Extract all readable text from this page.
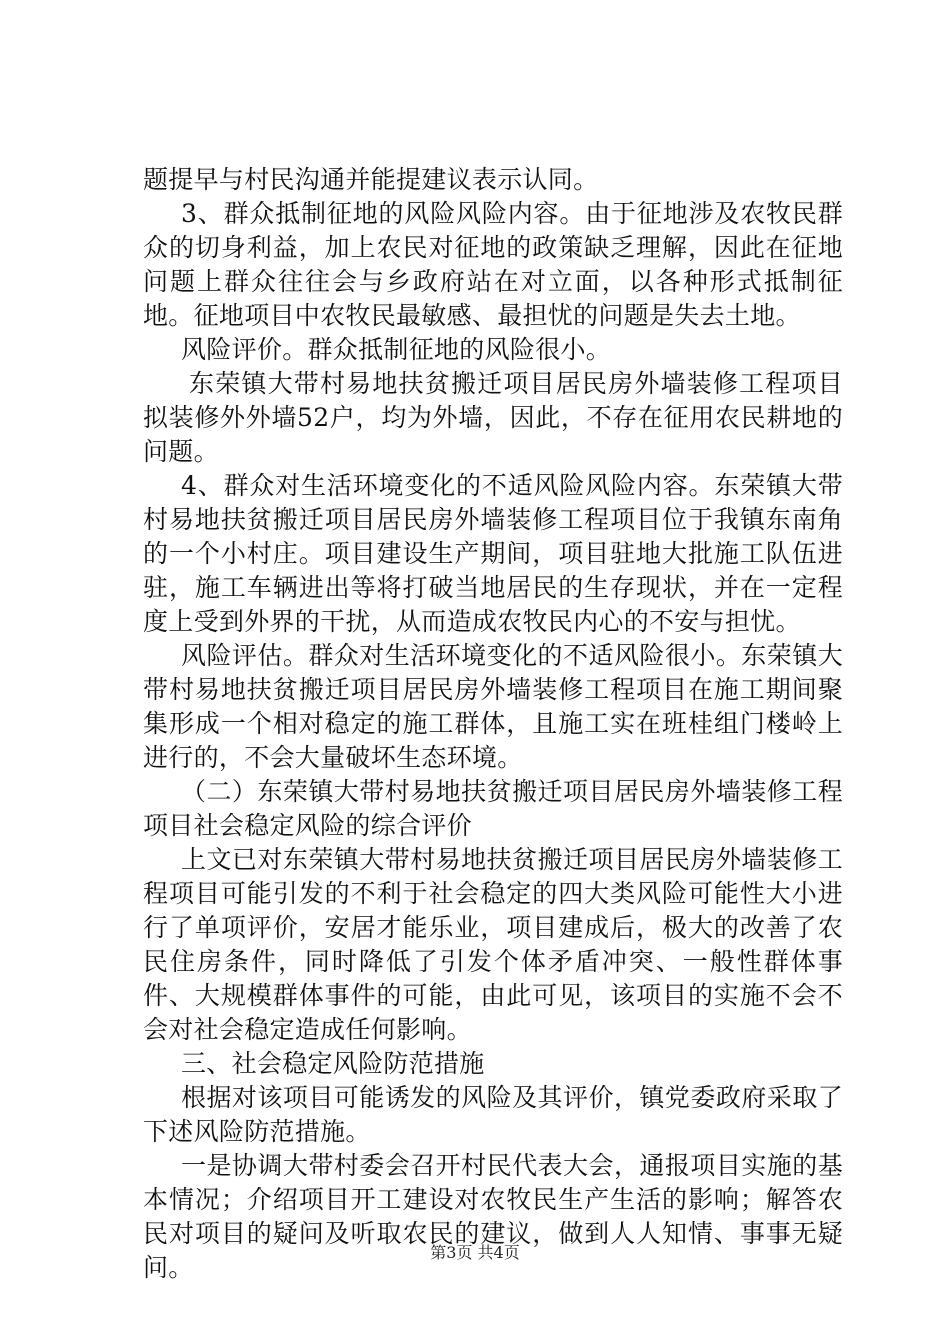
题提早与村民沟通并能提建议表示认同。

3、群众抵制征地的风险风险内容。由于征地涉及农牧民群众的切身利益，加上农民对征地的政策缺乏理解，因此在征地问题上群众往往会与乡政府站在对立面，以各种形式抵制征地。征地项目中农牧民最敏感、最担忧的问题是失去土地。

风险评价。群众抵制征地的风险很小。

东荣镇大带村易地扶贫搬迁项目居民房外墙装修工程项目拟装修外外墙52户，均为外墙，因此，不存在征用农民耕地的问题。

4、群众对生活环境变化的不适风险风险内容。东荣镇大带村易地扶贫搬迁项目居民房外墙装修工程项目位于我镇东南角的一个小村庄。项目建设生产期间，项目驻地大批施工队伍进驻，施工车辆进出等将打破当地居民的生存现状，并在一定程度上受到外界的干扰，从而造成农牧民内心的不安与担忧。

风险评估。群众对生活环境变化的不适风险很小。东荣镇大带村易地扶贫搬迁项目居民房外墙装修工程项目在施工期间聚集形成一个相对稳定的施工群体，且施工实在班桂组门楼岭上进行的，不会大量破坏生态环境。

（二）东荣镇大带村易地扶贫搬迁项目居民房外墙装修工程项目社会稳定风险的综合评价

上文已对东荣镇大带村易地扶贫搬迁项目居民房外墙装修工程项目可能引发的不利于社会稳定的四大类风险可能性大小进行了单项评价，安居才能乐业，项目建成后，极大的改善了农民住房条件，同时降低了引发个体矛盾冲突、一般性群体事件、大规模群体事件的可能，由此可见，该项目的实施不会不会对社会稳定造成任何影响。

三、社会稳定风险防范措施

根据对该项目可能诱发的风险及其评价，镇党委政府采取了下述风险防范措施。

一是协调大带村委会召开村民代表大会，通报项目实施的基本情况；介绍项目开工建设对农牧民生产生活的影响；解答农民对项目的疑问及听取农民的建议，做到人人知情、事事无疑问。

第3页 共4页
